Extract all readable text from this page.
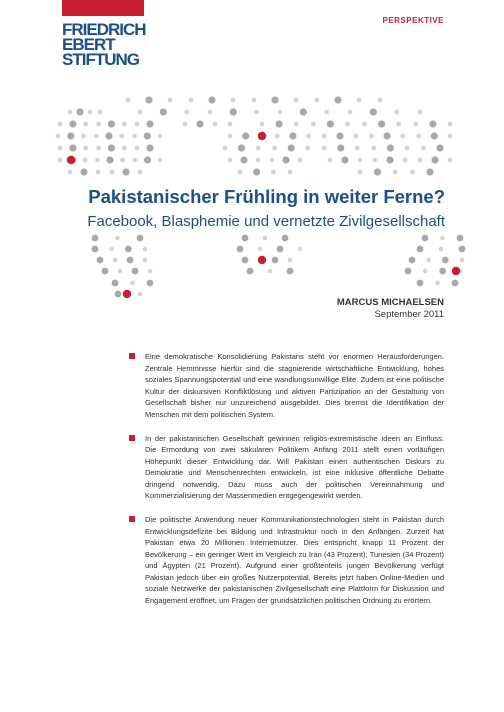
FRIEDRICH
EBERT
STIFTUNG
PERSPEKTIVE
Pakistanischer Frühling in weiter Ferne?
Facebook, Blasphemie und vernetzte Zivilgesellschaft
MARCUS MICHAELSEN
September 2011
Eine demokratische Konsolidierung Pakistans steht vor enormen Herausforderungen. Zentrale Hemmnisse hierfür sind die stagnierende wirtschaftliche Entwicklung, hohes soziales Spannungspotential und eine wandlungsunwillige Elite. Zudem ist eine politische Kultur der diskursiven Konfliktlösung und aktiven Partizipation an der Gestaltung von Gesellschaft bisher nur unzureichend ausgebildet. Dies bremst die Identifikation der Menschen mit dem politischen System.
In der pakistanischen Gesellschaft gewinnen religiös-extremistische Ideen an Einfluss. Die Ermordung von zwei säkularen Politikern Anfang 2011 stellt einen vorläufigen Höhepunkt dieser Entwicklung dar. Will Pakistan einen authentischen Diskurs zu Demokratie und Menschenrechten entwickeln, ist eine inklusive öffentliche Debatte dringend notwendig. Dazu muss auch der politischen Vereinnahmung und Kommerzialisierung der Massenmedien entgegengewirkt werden.
Die politische Anwendung neuer Kommunikationstechnologien steht in Pakistan durch Entwicklungsdefizite bei Bildung und Infrastruktur noch in den Anfängen. Zurzeit hat Pakistan etwa 20 Millionen Internetnutzer. Dies entspricht knapp 11 Prozent der Bevölkerung – ein geringer Wert im Vergleich zu Iran (43 Prozent), Tunesien (34 Prozent) und Ägypten (21 Prozent). Aufgrund einer größtenteils jungen Bevölkerung verfügt Pakistan jedoch über ein großes Nutzerpotential. Bereits jetzt haben Online-Medien und soziale Netzwerke der pakistanischen Zivilgesellschaft eine Plattform für Diskussion und Engagement eröffnet, um Fragen der grundsätzlichen politischen Ordnung zu erörtern.
